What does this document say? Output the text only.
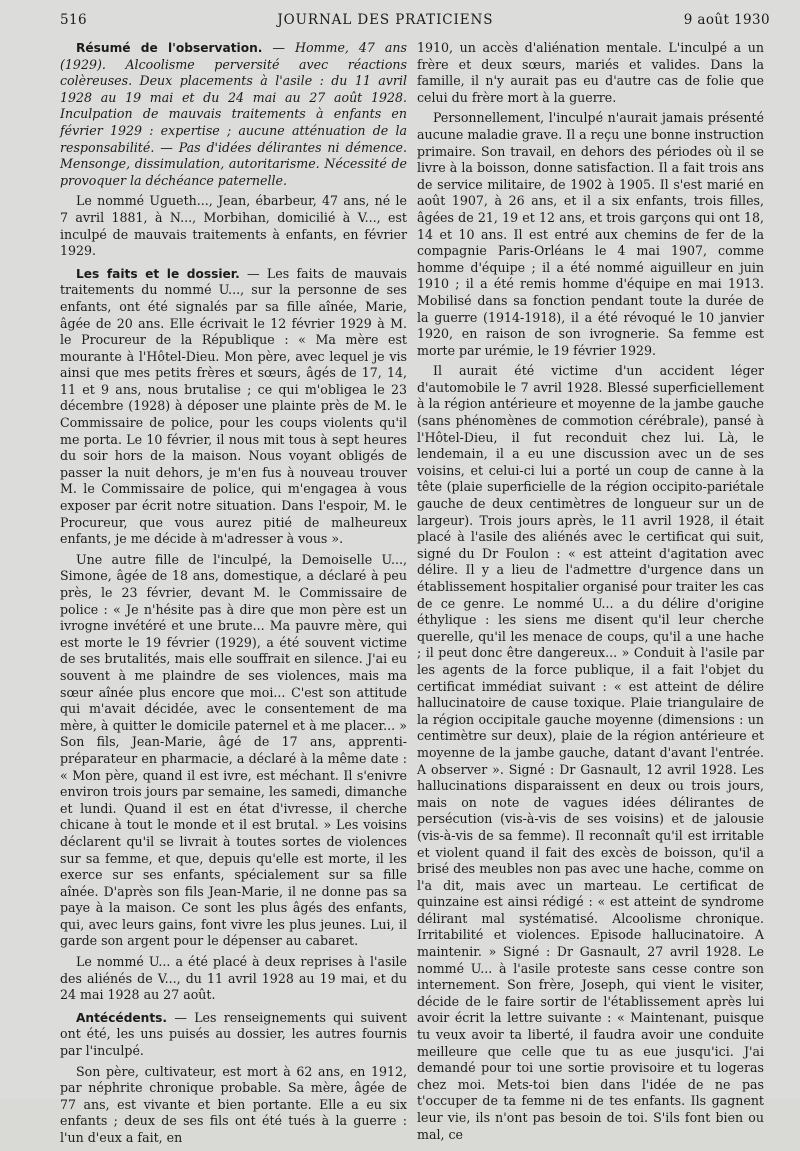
516	JOURNAL DES PRATICIENS	9 août 1930

Résumé de l'observation. — Homme, 47 ans (1929). Alcoolisme perversité avec réactions colèreuses. Deux placements à l'asile : du 11 avril 1928 au 19 mai et du 24 mai au 27 août 1928. Inculpation de mauvais traitements à enfants en février 1929 : expertise ; aucune atténuation de la responsabilité. — Pas d'idées délirantes ni démence. Mensonge, dissimulation, autoritarisme. Nécessité de provoquer la déchéance paternelle.

Le nommé Ugueth..., Jean, ébarbeur, 47 ans, né le 7 avril 1881, à N..., Morbihan, domicilié à V..., est inculpé de mauvais traitements à enfants, en février 1929.

Les faits et le dossier. — Les faits de mauvais traitements du nommé U..., sur la personne de ses enfants, ont été signalés par sa fille aînée, Marie, âgée de 20 ans. Elle écrivait le 12 février 1929 à M. le Procureur de la République : « Ma mère est mourante à l'Hôtel-Dieu. Mon père, avec lequel je vis ainsi que mes petits frères et sœurs, âgés de 17, 14, 11 et 9 ans, nous brutalise ; ce qui m'obligea le 23 décembre (1928) à déposer une plainte près de M. le Commissaire de police, pour les coups violents qu'il me porta. Le 10 février, il nous mit tous à sept heures du soir hors de la maison. Nous voyant obligés de passer la nuit dehors, je m'en fus à nouveau trouver M. le Commissaire de police, qui m'engagea à vous exposer par écrit notre situation. Dans l'espoir, M. le Procureur, que vous aurez pitié de malheureux enfants, je me décide à m'adresser à vous ».

Une autre fille de l'inculpé, la Demoiselle U..., Simone, âgée de 18 ans, domestique, a déclaré à peu près, le 23 février, devant M. le Commissaire de police : « Je n'hésite pas à dire que mon père est un ivrogne invétéré et une brute... Ma pauvre mère, qui est morte le 19 février (1929), a été souvent victime de ses brutalités, mais elle souffrait en silence. J'ai eu souvent à me plaindre de ses violences, mais ma sœur aînée plus encore que moi... C'est son attitude qui m'avait décidée, avec le consentement de ma mère, à quitter le domicile paternel et à me placer... » Son fils, Jean-Marie, âgé de 17 ans, apprenti-préparateur en pharmacie, a déclaré à la même date : « Mon père, quand il est ivre, est méchant. Il s'enivre environ trois jours par semaine, les samedi, dimanche et lundi. Quand il est en état d'ivresse, il cherche chicane à tout le monde et il est brutal. » Les voisins déclarent qu'il se livrait à toutes sortes de violences sur sa femme, et que, depuis qu'elle est morte, il les exerce sur ses enfants, spécialement sur sa fille aînée. D'après son fils Jean-Marie, il ne donne pas sa paye à la maison. Ce sont les plus âgés des enfants, qui, avec leurs gains, font vivre les plus jeunes. Lui, il garde son argent pour le dépenser au cabaret.

Le nommé U... a été placé à deux reprises à l'asile des aliénés de V..., du 11 avril 1928 au 19 mai, et du 24 mai 1928 au 27 août.

Antécédents. — Les renseignements qui suivent ont été, les uns puisés au dossier, les autres fournis par l'inculpé.

Son père, cultivateur, est mort à 62 ans, en 1912, par néphrite chronique probable. Sa mère, âgée de 77 ans, est vivante et bien portante. Elle a eu six enfants ; deux de ses fils ont été tués à la guerre : l'un d'eux a fait, en

1910, un accès d'aliénation mentale. L'inculpé a un frère et deux sœurs, mariés et valides. Dans la famille, il n'y aurait pas eu d'autre cas de folie que celui du frère mort à la guerre.

Personnellement, l'inculpé n'aurait jamais présenté aucune maladie grave. Il a reçu une bonne instruction primaire. Son travail, en dehors des périodes où il se livre à la boisson, donne satisfaction. Il a fait trois ans de service militaire, de 1902 à 1905. Il s'est marié en août 1907, à 26 ans, et il a six enfants, trois filles, âgées de 21, 19 et 12 ans, et trois garçons qui ont 18, 14 et 10 ans. Il est entré aux chemins de fer de la compagnie Paris-Orléans le 4 mai 1907, comme homme d'équipe ; il a été nommé aiguilleur en juin 1910 ; il a été remis homme d'équipe en mai 1913. Mobilisé dans sa fonction pendant toute la durée de la guerre (1914-1918), il a été révoqué le 10 janvier 1920, en raison de son ivrognerie. Sa femme est morte par urémie, le 19 février 1929.

Il aurait été victime d'un accident léger d'automobile le 7 avril 1928. Blessé superficiellement à la région antérieure et moyenne de la jambe gauche (sans phénomènes de commotion cérébrale), pansé à l'Hôtel-Dieu, il fut reconduit chez lui. Là, le lendemain, il a eu une discussion avec un de ses voisins, et celui-ci lui a porté un coup de canne à la tête (plaie superficielle de la région occipito-pariétale gauche de deux centimètres de longueur sur un de largeur). Trois jours après, le 11 avril 1928, il était placé à l'asile des aliénés avec le certificat qui suit, signé du Dr Foulon : « est atteint d'agitation avec délire. Il y a lieu de l'admettre d'urgence dans un établissement hospitalier organisé pour traiter les cas de ce genre. Le nommé U... a du délire d'origine éthylique : les siens me disent qu'il leur cherche querelle, qu'il les menace de coups, qu'il a une hache ; il peut donc être dangereux... » Conduit à l'asile par les agents de la force publique, il a fait l'objet du certificat immédiat suivant : « est atteint de délire hallucinatoire de cause toxique. Plaie triangulaire de la région occipitale gauche moyenne (dimensions : un centimètre sur deux), plaie de la région antérieure et moyenne de la jambe gauche, datant d'avant l'entrée. A observer ». Signé : Dr Gasnault, 12 avril 1928. Les hallucinations disparaissent en deux ou trois jours, mais on note de vagues idées délirantes de persécution (vis-à-vis de ses voisins) et de jalousie (vis-à-vis de sa femme). Il reconnaît qu'il est irritable et violent quand il fait des excès de boisson, qu'il a brisé des meubles non pas avec une hache, comme on l'a dit, mais avec un marteau. Le certificat de quinzaine est ainsi rédigé : « est atteint de syndrome délirant mal systématisé. Alcoolisme chronique. Irritabilité et violences. Episode hallucinatoire. A maintenir. » Signé : Dr Gasnault, 27 avril 1928. Le nommé U... à l'asile proteste sans cesse contre son internement. Son frère, Joseph, qui vient le visiter, décide de le faire sortir de l'établissement après lui avoir écrit la lettre suivante : « Maintenant, puisque tu veux avoir ta liberté, il faudra avoir une conduite meilleure que celle que tu as eue jusqu'ici. J'ai demandé pour toi une sortie provisoire et tu logeras chez moi. Mets-toi bien dans l'idée de ne pas t'occuper de ta femme ni de tes enfants. Ils gagnent leur vie, ils n'ont pas besoin de toi. S'ils font bien ou mal, ce
